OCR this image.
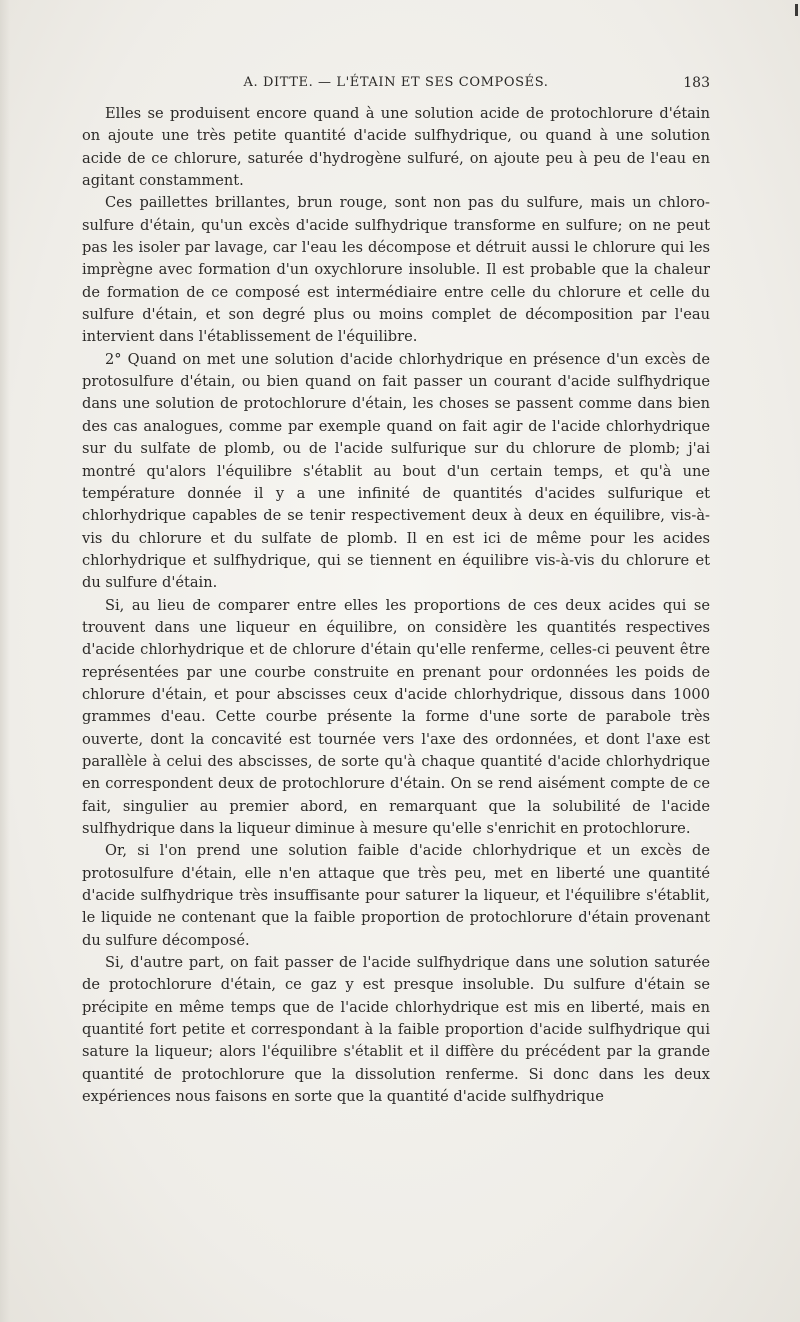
A. DITTE. — L'ÉTAIN ET SES COMPOSÉS.	183

Elles se produisent encore quand à une solution acide de protochlorure d'étain on ajoute une très petite quantité d'acide sulfhydrique, ou quand à une solution acide de ce chlorure, saturée d'hydrogène sulfuré, on ajoute peu à peu de l'eau en agitant constamment.

Ces paillettes brillantes, brun rouge, sont non pas du sulfure, mais un chloro-sulfure d'étain, qu'un excès d'acide sulfhydrique transforme en sulfure; on ne peut pas les isoler par lavage, car l'eau les décompose et détruit aussi le chlorure qui les imprègne avec formation d'un oxychlorure insoluble. Il est probable que la chaleur de formation de ce composé est intermédiaire entre celle du chlorure et celle du sulfure d'étain, et son degré plus ou moins complet de décomposition par l'eau intervient dans l'établissement de l'équilibre.

2° Quand on met une solution d'acide chlorhydrique en présence d'un excès de protosulfure d'étain, ou bien quand on fait passer un courant d'acide sulfhydrique dans une solution de protochlorure d'étain, les choses se passent comme dans bien des cas analogues, comme par exemple quand on fait agir de l'acide chlorhydrique sur du sulfate de plomb, ou de l'acide sulfurique sur du chlorure de plomb; j'ai montré qu'alors l'équilibre s'établit au bout d'un certain temps, et qu'à une température donnée il y a une infinité de quantités d'acides sulfurique et chlorhydrique capables de se tenir respectivement deux à deux en équilibre, vis-à-vis du chlorure et du sulfate de plomb. Il en est ici de même pour les acides chlorhydrique et sulfhydrique, qui se tiennent en équilibre vis-à-vis du chlorure et du sulfure d'étain.

Si, au lieu de comparer entre elles les proportions de ces deux acides qui se trouvent dans une liqueur en équilibre, on considère les quantités respectives d'acide chlorhydrique et de chlorure d'étain qu'elle renferme, celles-ci peuvent être représentées par une courbe construite en prenant pour ordonnées les poids de chlorure d'étain, et pour abscisses ceux d'acide chlorhydrique, dissous dans 1000 grammes d'eau. Cette courbe présente la forme d'une sorte de parabole très ouverte, dont la concavité est tournée vers l'axe des ordonnées, et dont l'axe est parallèle à celui des abscisses, de sorte qu'à chaque quantité d'acide chlorhydrique en correspondent deux de protochlorure d'étain. On se rend aisément compte de ce fait, singulier au premier abord, en remarquant que la solubilité de l'acide sulfhydrique dans la liqueur diminue à mesure qu'elle s'enrichit en protochlorure.

Or, si l'on prend une solution faible d'acide chlorhydrique et un excès de protosulfure d'étain, elle n'en attaque que très peu, met en liberté une quantité d'acide sulfhydrique très insuffisante pour saturer la liqueur, et l'équilibre s'établit, le liquide ne contenant que la faible proportion de protochlorure d'étain provenant du sulfure décomposé.

Si, d'autre part, on fait passer de l'acide sulfhydrique dans une solution saturée de protochlorure d'étain, ce gaz y est presque insoluble. Du sulfure d'étain se précipite en même temps que de l'acide chlorhydrique est mis en liberté, mais en quantité fort petite et correspondant à la faible proportion d'acide sulfhydrique qui sature la liqueur; alors l'équilibre s'établit et il diffère du précédent par la grande quantité de protochlorure que la dissolution renferme. Si donc dans les deux expériences nous faisons en sorte que la quantité d'acide sulfhydrique
